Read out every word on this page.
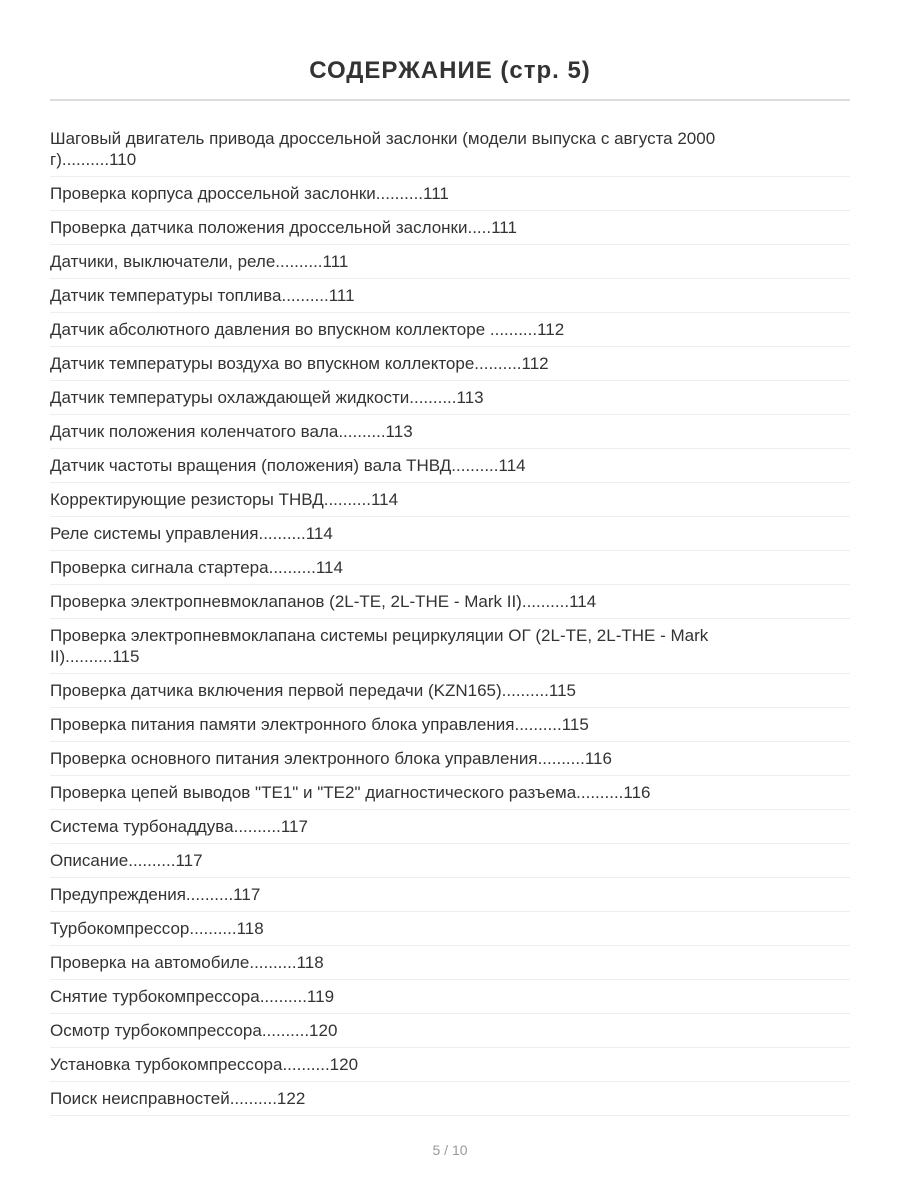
СОДЕРЖАНИЕ (стр. 5)
Шаговый двигатель привода дроссельной заслонки (модели выпуска с августа 2000 г)..........110
Проверка корпуса дроссельной заслонки..........111
Проверка датчика положения дроссельной заслонки.....111
Датчики, выключатели, реле..........111
Датчик температуры топлива..........111
Датчик абсолютного давления во впускном коллекторе ..........112
Датчик температуры воздуха во впускном коллекторе..........112
Датчик температуры охлаждающей жидкости..........113
Датчик положения коленчатого вала..........113
Датчик частоты вращения (положения) вала ТНВД..........114
Корректирующие резисторы ТНВД..........114
Реле системы управления..........114
Проверка сигнала стартера..........114
Проверка электропневмоклапанов (2L-TE, 2L-THE - Mark II)..........114
Проверка электропневмоклапана системы рециркуляции ОГ (2L-TE, 2L-THE - Mark II)..........115
Проверка датчика включения первой передачи (KZN165)..........115
Проверка питания памяти электронного блока управления..........115
Проверка основного питания электронного блока управления..........116
Проверка цепей выводов "TE1" и "TE2" диагностического разъема..........116
Система турбонаддува..........117
Описание..........117
Предупреждения..........117
Турбокомпрессор..........118
Проверка на автомобиле..........118
Снятие турбокомпрессора..........119
Осмотр турбокомпрессора..........120
Установка турбокомпрессора..........120
Поиск неисправностей..........122
5 / 10
